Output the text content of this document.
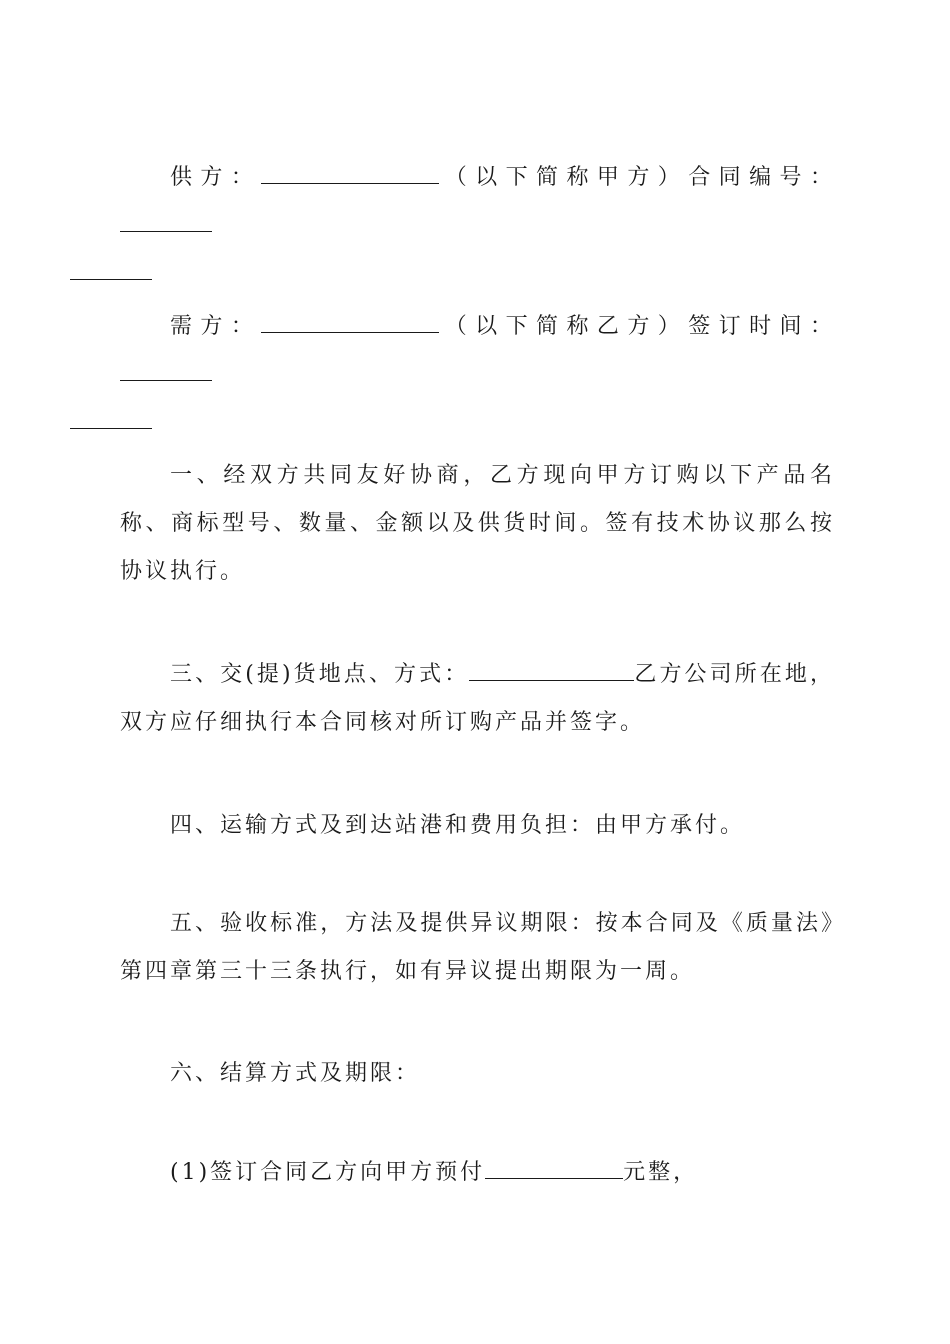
供方：	（以下简称甲方）合同编号：

需方：	（以下简称乙方）签订时间：

一、经双方共同友好协商，乙方现向甲方订购以下产品名称、商标型号、数量、金额以及供货时间。签有技术协议那么按协议执行。

三、交(提)货地点、方式：	乙方公司所在地，双方应仔细执行本合同核对所订购产品并签字。

四、运输方式及到达站港和费用负担：由甲方承付。

五、验收标准，方法及提供异议期限：按本合同及《质量法》第四章第三十三条执行，如有异议提出期限为一周。

六、结算方式及期限：

(1)签订合同乙方向甲方预付	元整，
